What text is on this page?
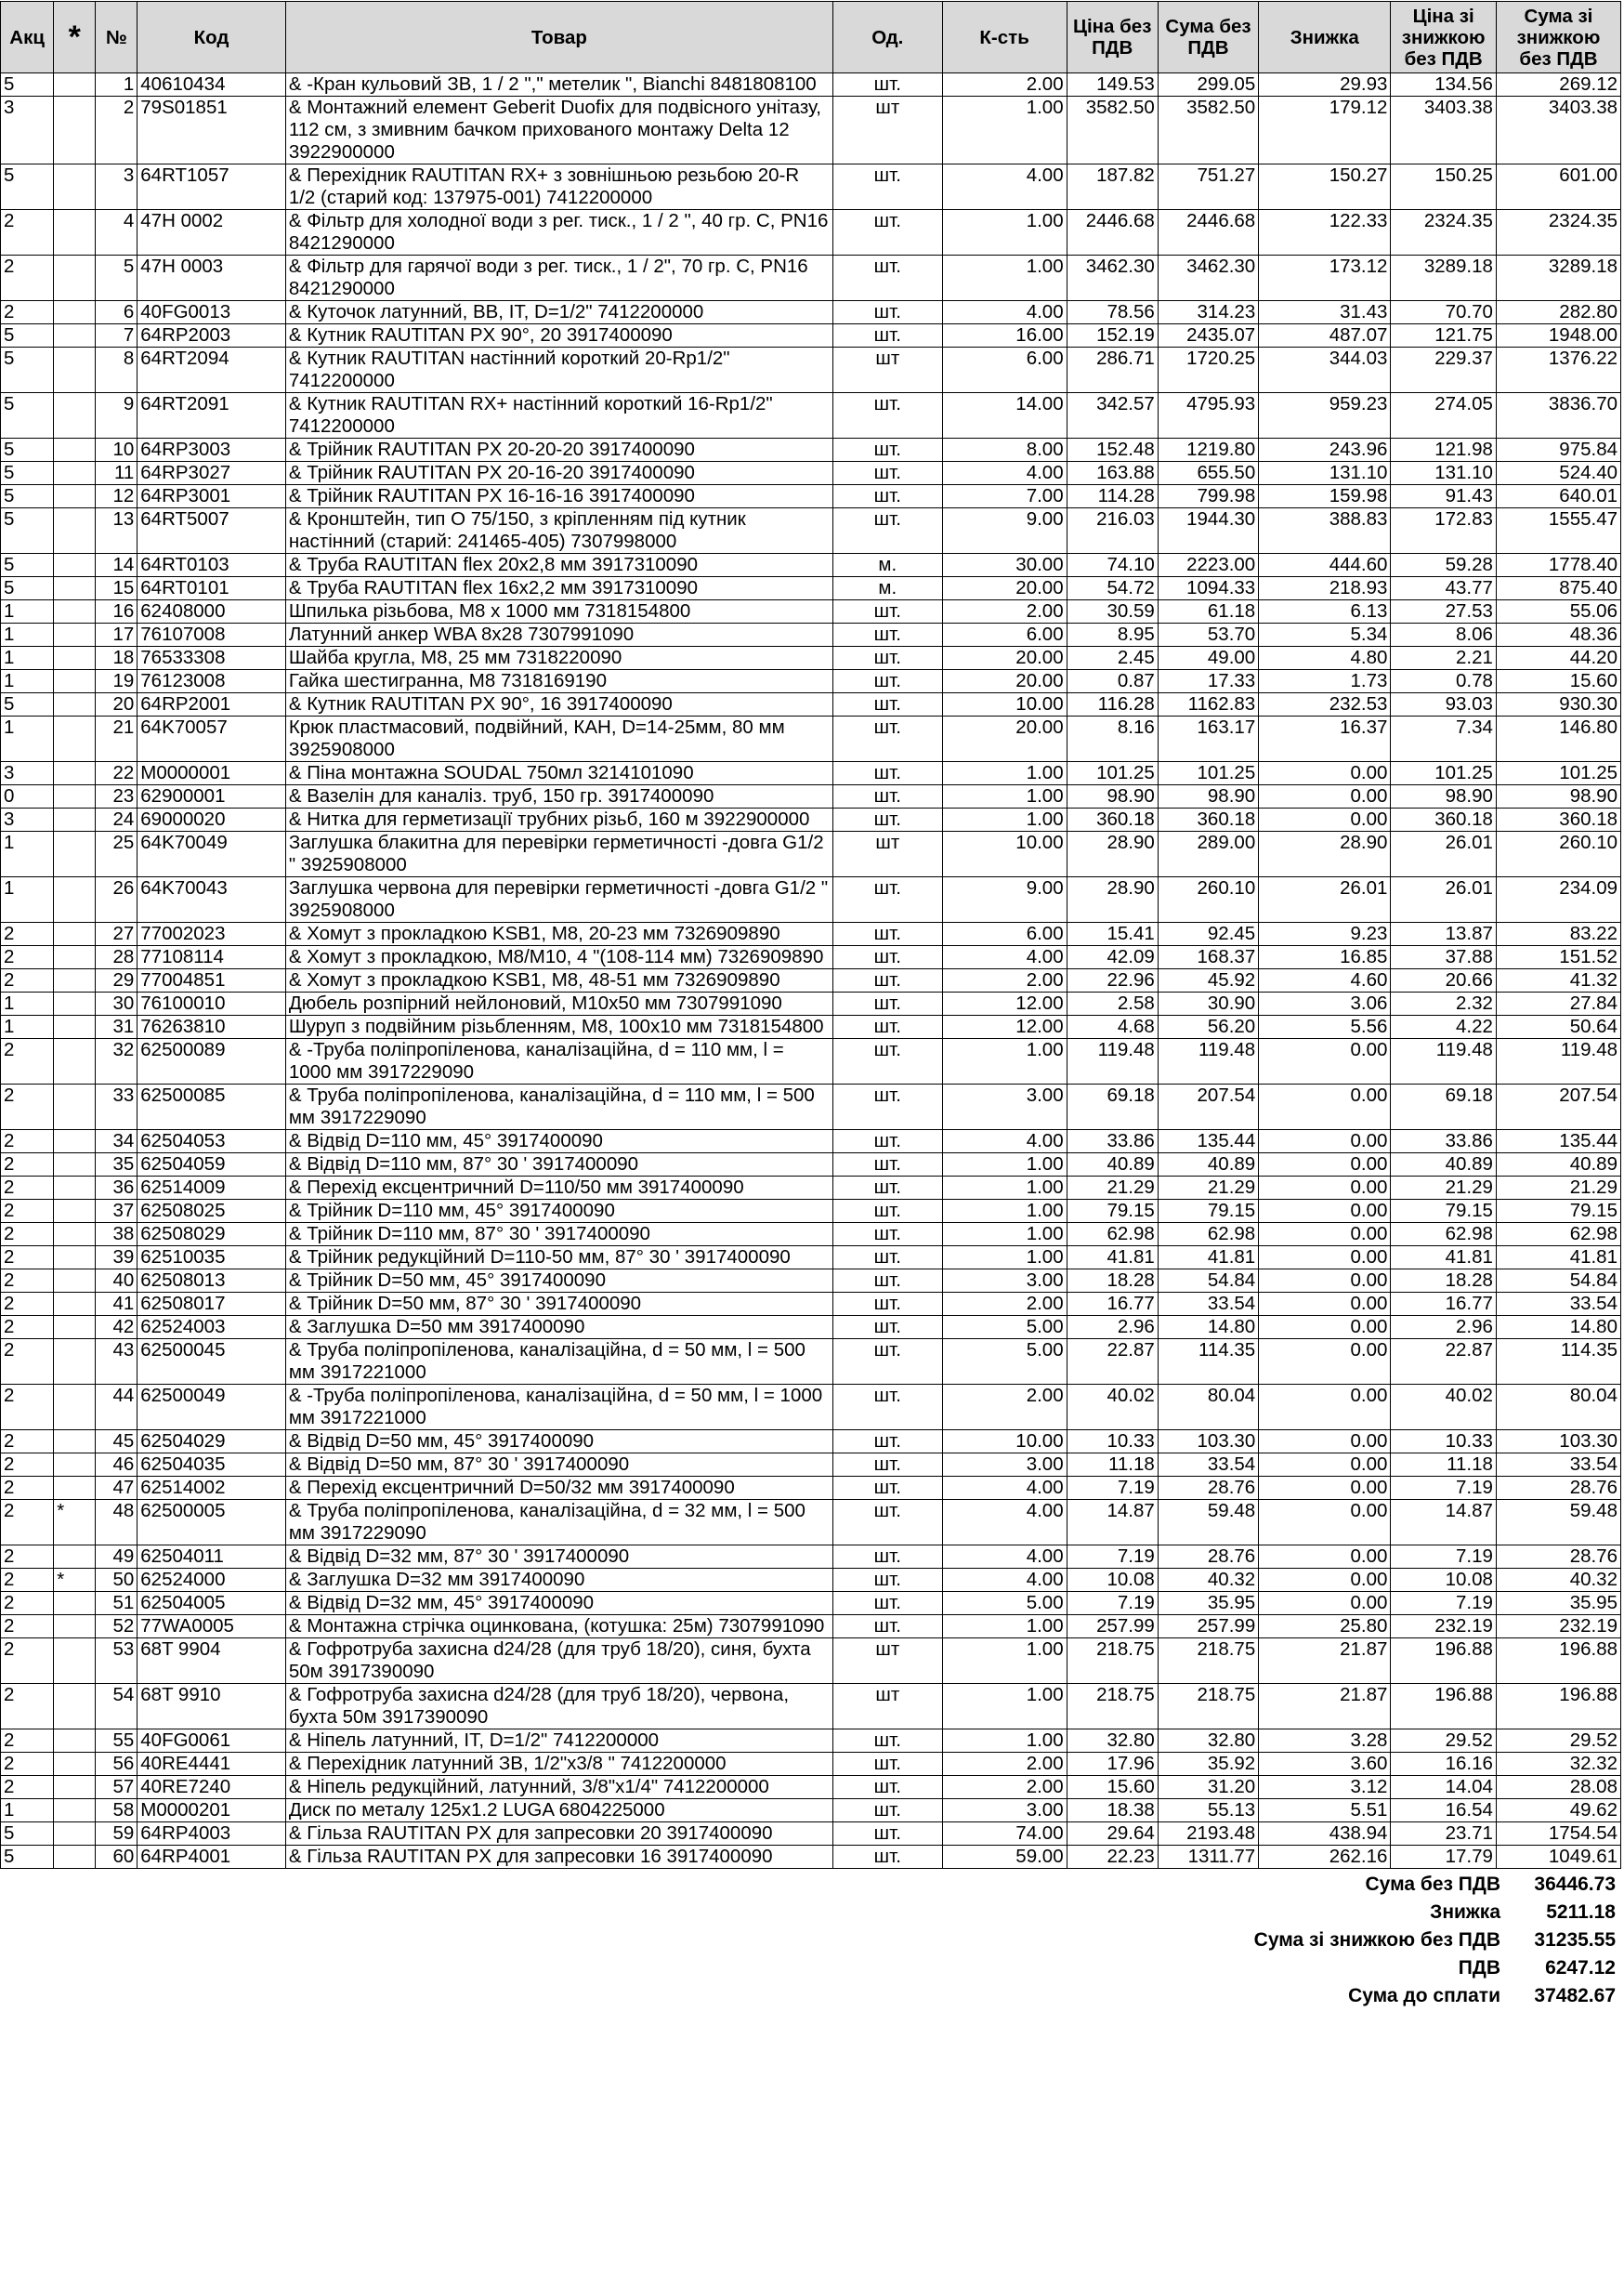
Акц	*	№	Код	Товар	Од.	К-сть	Ціна без ПДВ	Сума без ПДВ	Знижка	Ціна зі знижкою без ПДВ	Сума зі знижкою без ПДВ
5		1	40610434	& -Кран кульовий ЗВ, 1 / 2 "," метелик ", Bianchi 8481808100	шт.	2.00	149.53	299.05	29.93	134.56	269.12
3		2	79S01851	& Монтажний елемент Geberit Duofix для подвісного унітазу, 112 см, з змивним бачком прихованого монтажу Delta 12 3922900000	шт	1.00	3582.50	3582.50	179.12	3403.38	3403.38
5		3	64RT1057	& Перехідник RAUTITAN RX+ з зовнішньою резьбою 20-R 1/2 (старий код: 137975-001) 7412200000	шт.	4.00	187.82	751.27	150.27	150.25	601.00
2		4	47H 0002	& Фільтр для холодної води з рег. тиск., 1 / 2 ", 40 гр. C, PN16 8421290000	шт.	1.00	2446.68	2446.68	122.33	2324.35	2324.35
2		5	47H 0003	& Фільтр для гарячої води з рег. тиск., 1 / 2", 70 гр. C, PN16 8421290000	шт.	1.00	3462.30	3462.30	173.12	3289.18	3289.18
2		6	40FG0013	& Куточок латунний, ВВ, IT, D=1/2" 7412200000	шт.	4.00	78.56	314.23	31.43	70.70	282.80
5		7	64RP2003	& Кутник RAUTITAN PX 90°, 20 3917400090	шт.	16.00	152.19	2435.07	487.07	121.75	1948.00
5		8	64RT2094	& Кутник RAUTITAN настінний короткий 20-Rp1/2" 7412200000	шт	6.00	286.71	1720.25	344.03	229.37	1376.22
5		9	64RT2091	& Кутник RAUTITAN RX+ настінний короткий 16-Rp1/2" 7412200000	шт.	14.00	342.57	4795.93	959.23	274.05	3836.70
5		10	64RP3003	& Трійник RAUTITAN PX 20-20-20 3917400090	шт.	8.00	152.48	1219.80	243.96	121.98	975.84
5		11	64RP3027	& Трійник RAUTITAN PX 20-16-20 3917400090	шт.	4.00	163.88	655.50	131.10	131.10	524.40
5		12	64RP3001	& Трійник RAUTITAN PX 16-16-16 3917400090	шт.	7.00	114.28	799.98	159.98	91.43	640.01
5		13	64RT5007	& Кронштейн, тип О 75/150, з кріпленням під кутник настінний (старий: 241465-405) 7307998000	шт.	9.00	216.03	1944.30	388.83	172.83	1555.47
5		14	64RT0103	& Труба RAUTITAN flex 20x2,8 мм 3917310090	м.	30.00	74.10	2223.00	444.60	59.28	1778.40
5		15	64RT0101	& Труба RAUTITAN flex 16x2,2 мм 3917310090	м.	20.00	54.72	1094.33	218.93	43.77	875.40
1		16	62408000	Шпилька різьбова, M8 x 1000 мм 7318154800	шт.	2.00	30.59	61.18	6.13	27.53	55.06
1		17	76107008	Латунний анкер WBA 8x28 7307991090	шт.	6.00	8.95	53.70	5.34	8.06	48.36
1		18	76533308	Шайба кругла, M8, 25 мм 7318220090	шт.	20.00	2.45	49.00	4.80	2.21	44.20
1		19	76123008	Гайка шестигранна, M8 7318169190	шт.	20.00	0.87	17.33	1.73	0.78	15.60
5		20	64RP2001	& Кутник RAUTITAN PX 90°, 16 3917400090	шт.	10.00	116.28	1162.83	232.53	93.03	930.30
1		21	64K70057	Крюк пластмасовий, подвійний, КАН, D=14-25мм, 80 мм 3925908000	шт.	20.00	8.16	163.17	16.37	7.34	146.80
3		22	M0000001	& Піна монтажна SOUDAL 750мл 3214101090	шт.	1.00	101.25	101.25	0.00	101.25	101.25
0		23	62900001	& Вазелін для каналіз. труб, 150 гр. 3917400090	шт.	1.00	98.90	98.90	0.00	98.90	98.90
3		24	69000020	& Нитка для герметизації трубних різьб, 160 м 3922900000	шт.	1.00	360.18	360.18	0.00	360.18	360.18
1		25	64K70049	Заглушка блакитна для перевірки герметичності -довга G1/2 " 3925908000	шт	10.00	28.90	289.00	28.90	26.01	260.10
1		26	64K70043	Заглушка червона для перевірки герметичності -довга G1/2 " 3925908000	шт.	9.00	28.90	260.10	26.01	26.01	234.09
2		27	77002023	& Хомут з прокладкою KSB1, M8, 20-23 мм 7326909890	шт.	6.00	15.41	92.45	9.23	13.87	83.22
2		28	77108114	& Хомут з прокладкою, M8/M10, 4 "(108-114 мм) 7326909890	шт.	4.00	42.09	168.37	16.85	37.88	151.52
2		29	77004851	& Хомут з прокладкою KSB1, M8, 48-51 мм 7326909890	шт.	2.00	22.96	45.92	4.60	20.66	41.32
1		30	76100010	Дюбель розпірний нейлоновий, M10x50 мм 7307991090	шт.	12.00	2.58	30.90	3.06	2.32	27.84
1		31	76263810	Шуруп з подвійним різьбленням, M8, 100x10 мм 7318154800	шт.	12.00	4.68	56.20	5.56	4.22	50.64
2		32	62500089	& -Труба поліпропіленова, каналізаційна, d = 110 мм, l = 1000 мм 3917229090	шт.	1.00	119.48	119.48	0.00	119.48	119.48
2		33	62500085	& Труба поліпропіленова, каналізаційна, d = 110 мм, l = 500 мм 3917229090	шт.	3.00	69.18	207.54	0.00	69.18	207.54
2		34	62504053	& Відвід D=110 мм, 45° 3917400090	шт.	4.00	33.86	135.44	0.00	33.86	135.44
2		35	62504059	& Відвід D=110 мм, 87° 30 ' 3917400090	шт.	1.00	40.89	40.89	0.00	40.89	40.89
2		36	62514009	& Перехід ексцентричний D=110/50 мм 3917400090	шт.	1.00	21.29	21.29	0.00	21.29	21.29
2		37	62508025	& Трійник D=110 мм, 45° 3917400090	шт.	1.00	79.15	79.15	0.00	79.15	79.15
2		38	62508029	& Трійник D=110 мм, 87° 30 ' 3917400090	шт.	1.00	62.98	62.98	0.00	62.98	62.98
2		39	62510035	& Трійник редукційний D=110-50 мм, 87° 30 ' 3917400090	шт.	1.00	41.81	41.81	0.00	41.81	41.81
2		40	62508013	& Трійник D=50 мм, 45° 3917400090	шт.	3.00	18.28	54.84	0.00	18.28	54.84
2		41	62508017	& Трійник D=50 мм, 87° 30 ' 3917400090	шт.	2.00	16.77	33.54	0.00	16.77	33.54
2		42	62524003	& Заглушка D=50 мм 3917400090	шт.	5.00	2.96	14.80	0.00	2.96	14.80
2		43	62500045	& Труба поліпропіленова, каналізаційна, d = 50 мм, l = 500 мм 3917221000	шт.	5.00	22.87	114.35	0.00	22.87	114.35
2		44	62500049	& -Труба поліпропіленова, каналізаційна, d = 50 мм, l = 1000 мм 3917221000	шт.	2.00	40.02	80.04	0.00	40.02	80.04
2		45	62504029	& Відвід D=50 мм, 45° 3917400090	шт.	10.00	10.33	103.30	0.00	10.33	103.30
2		46	62504035	& Відвід D=50 мм, 87° 30 ' 3917400090	шт.	3.00	11.18	33.54	0.00	11.18	33.54
2		47	62514002	& Перехід ексцентричний D=50/32 мм 3917400090	шт.	4.00	7.19	28.76	0.00	7.19	28.76
2	*	48	62500005	& Труба поліпропіленова, каналізаційна, d = 32 мм, l = 500 мм 3917229090	шт.	4.00	14.87	59.48	0.00	14.87	59.48
2		49	62504011	& Відвід D=32 мм, 87° 30 ' 3917400090	шт.	4.00	7.19	28.76	0.00	7.19	28.76
2	*	50	62524000	& Заглушка D=32 мм 3917400090	шт.	4.00	10.08	40.32	0.00	10.08	40.32
2		51	62504005	& Відвід D=32 мм, 45° 3917400090	шт.	5.00	7.19	35.95	0.00	7.19	35.95
2		52	77WA0005	& Монтажна стрічка оцинкована, (котушка: 25м) 7307991090	шт.	1.00	257.99	257.99	25.80	232.19	232.19
2		53	68T 9904	& Гофротруба захисна d24/28 (для труб 18/20), синя, бухта 50м 3917390090	шт	1.00	218.75	218.75	21.87	196.88	196.88
2		54	68T 9910	& Гофротруба захисна d24/28 (для труб 18/20), червона, бухта 50м 3917390090	шт	1.00	218.75	218.75	21.87	196.88	196.88
2		55	40FG0061	& Ніпель латунний, IT, D=1/2" 7412200000	шт.	1.00	32.80	32.80	3.28	29.52	29.52
2		56	40RE4441	& Перехідник латунний ЗВ, 1/2"x3/8 " 7412200000	шт.	2.00	17.96	35.92	3.60	16.16	32.32
2		57	40RE7240	& Ніпель редукційний, латунний, 3/8"x1/4" 7412200000	шт.	2.00	15.60	31.20	3.12	14.04	28.08
1		58	M0000201	Диск по металу 125х1.2 LUGA 6804225000	шт.	3.00	18.38	55.13	5.51	16.54	49.62
5		59	64RP4003	& Гільза RAUTITAN PX для запресовки 20 3917400090	шт.	74.00	29.64	2193.48	438.94	23.71	1754.54
5		60	64RP4001	& Гільза RAUTITAN PX для запресовки 16 3917400090	шт.	59.00	22.23	1311.77	262.16	17.79	1049.61
Сума без ПДВ 36446.73
Знижка 5211.18
Сума зі знижкою без ПДВ 31235.55
ПДВ 6247.12
Сума до сплати 37482.67
